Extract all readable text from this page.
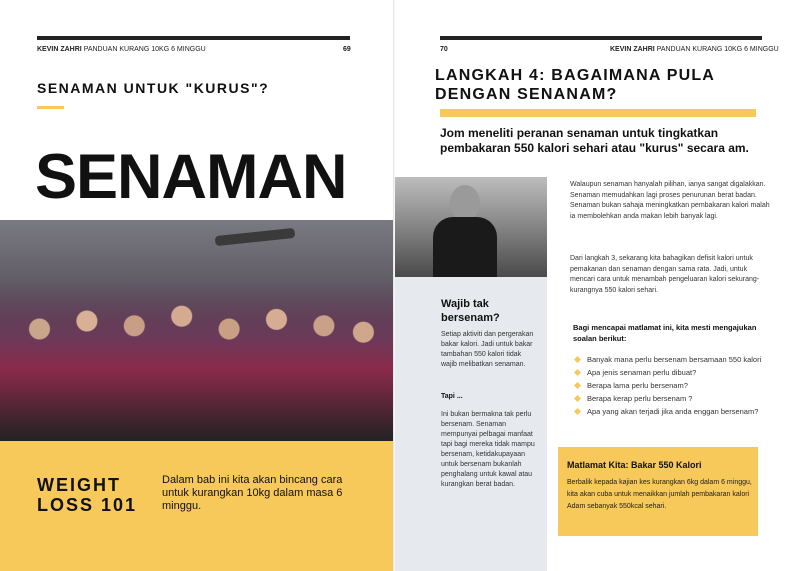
KEVIN ZAHRI PANDUAN KURANG 10KG 6 MINGGU	69
SENAMAN UNTUK "KURUS"?
SENAMAN
WEIGHT
LOSS 101
Dalam bab ini kita akan bincang cara untuk kurangkan 10kg dalam masa 6 minggu.
70	KEVIN ZAHRI PANDUAN KURANG 10KG 6 MINGGU
LANGKAH 4: BAGAIMANA PULA DENGAN SENANAM?
Jom meneliti peranan senaman untuk tingkatkan pembakaran 550 kalori sehari atau "kurus" secara am.
Wajib tak bersenam?
Setiap aktiviti dan pergerakan bakar kalori. Jadi untuk bakar tambahan 550 kalori tidak wajib melibatkan senaman.
Tapi ...
Ini bukan bermakna tak perlu bersenam. Senaman mempunyai pelbagai manfaat tapi bagi mereka tidak mampu bersenam, ketidakupayaan untuk bersenam bukanlah penghalang untuk kawal atau kurangkan berat badan.
Walaupun senaman hanyalah pilihan, ianya sangat digalakkan. Senaman memudahkan lagi proses penurunan berat badan. Senaman bukan sahaja meningkatkan pembakaran kalori malah ia membolehkan anda makan lebih banyak lagi.
Dari langkah 3, sekarang kita bahagikan defisit kalori untuk pemakanan dan senaman dengan sama rata. Jadi, untuk mencari cara untuk menambah pengeluaran kalori sekurang-kurangnya 550 kalori sehari.
Bagi mencapai matlamat ini, kita mesti mengajukan soalan berikut:
Banyak mana perlu bersenam bersamaan 550 kalori
Apa jenis senaman perlu dibuat?
Berapa lama perlu bersenam?
Berapa kerap perlu bersenam ?
Apa yang akan terjadi jika anda enggan bersenam?
Matlamat Kita: Bakar 550 Kalori
Berbalik kepada kajian kes kurangkan 6kg dalam 6 minggu, kita akan cuba untuk menaikkan jumlah pembakaran kalori Adam sebanyak 550kcal sehari.
